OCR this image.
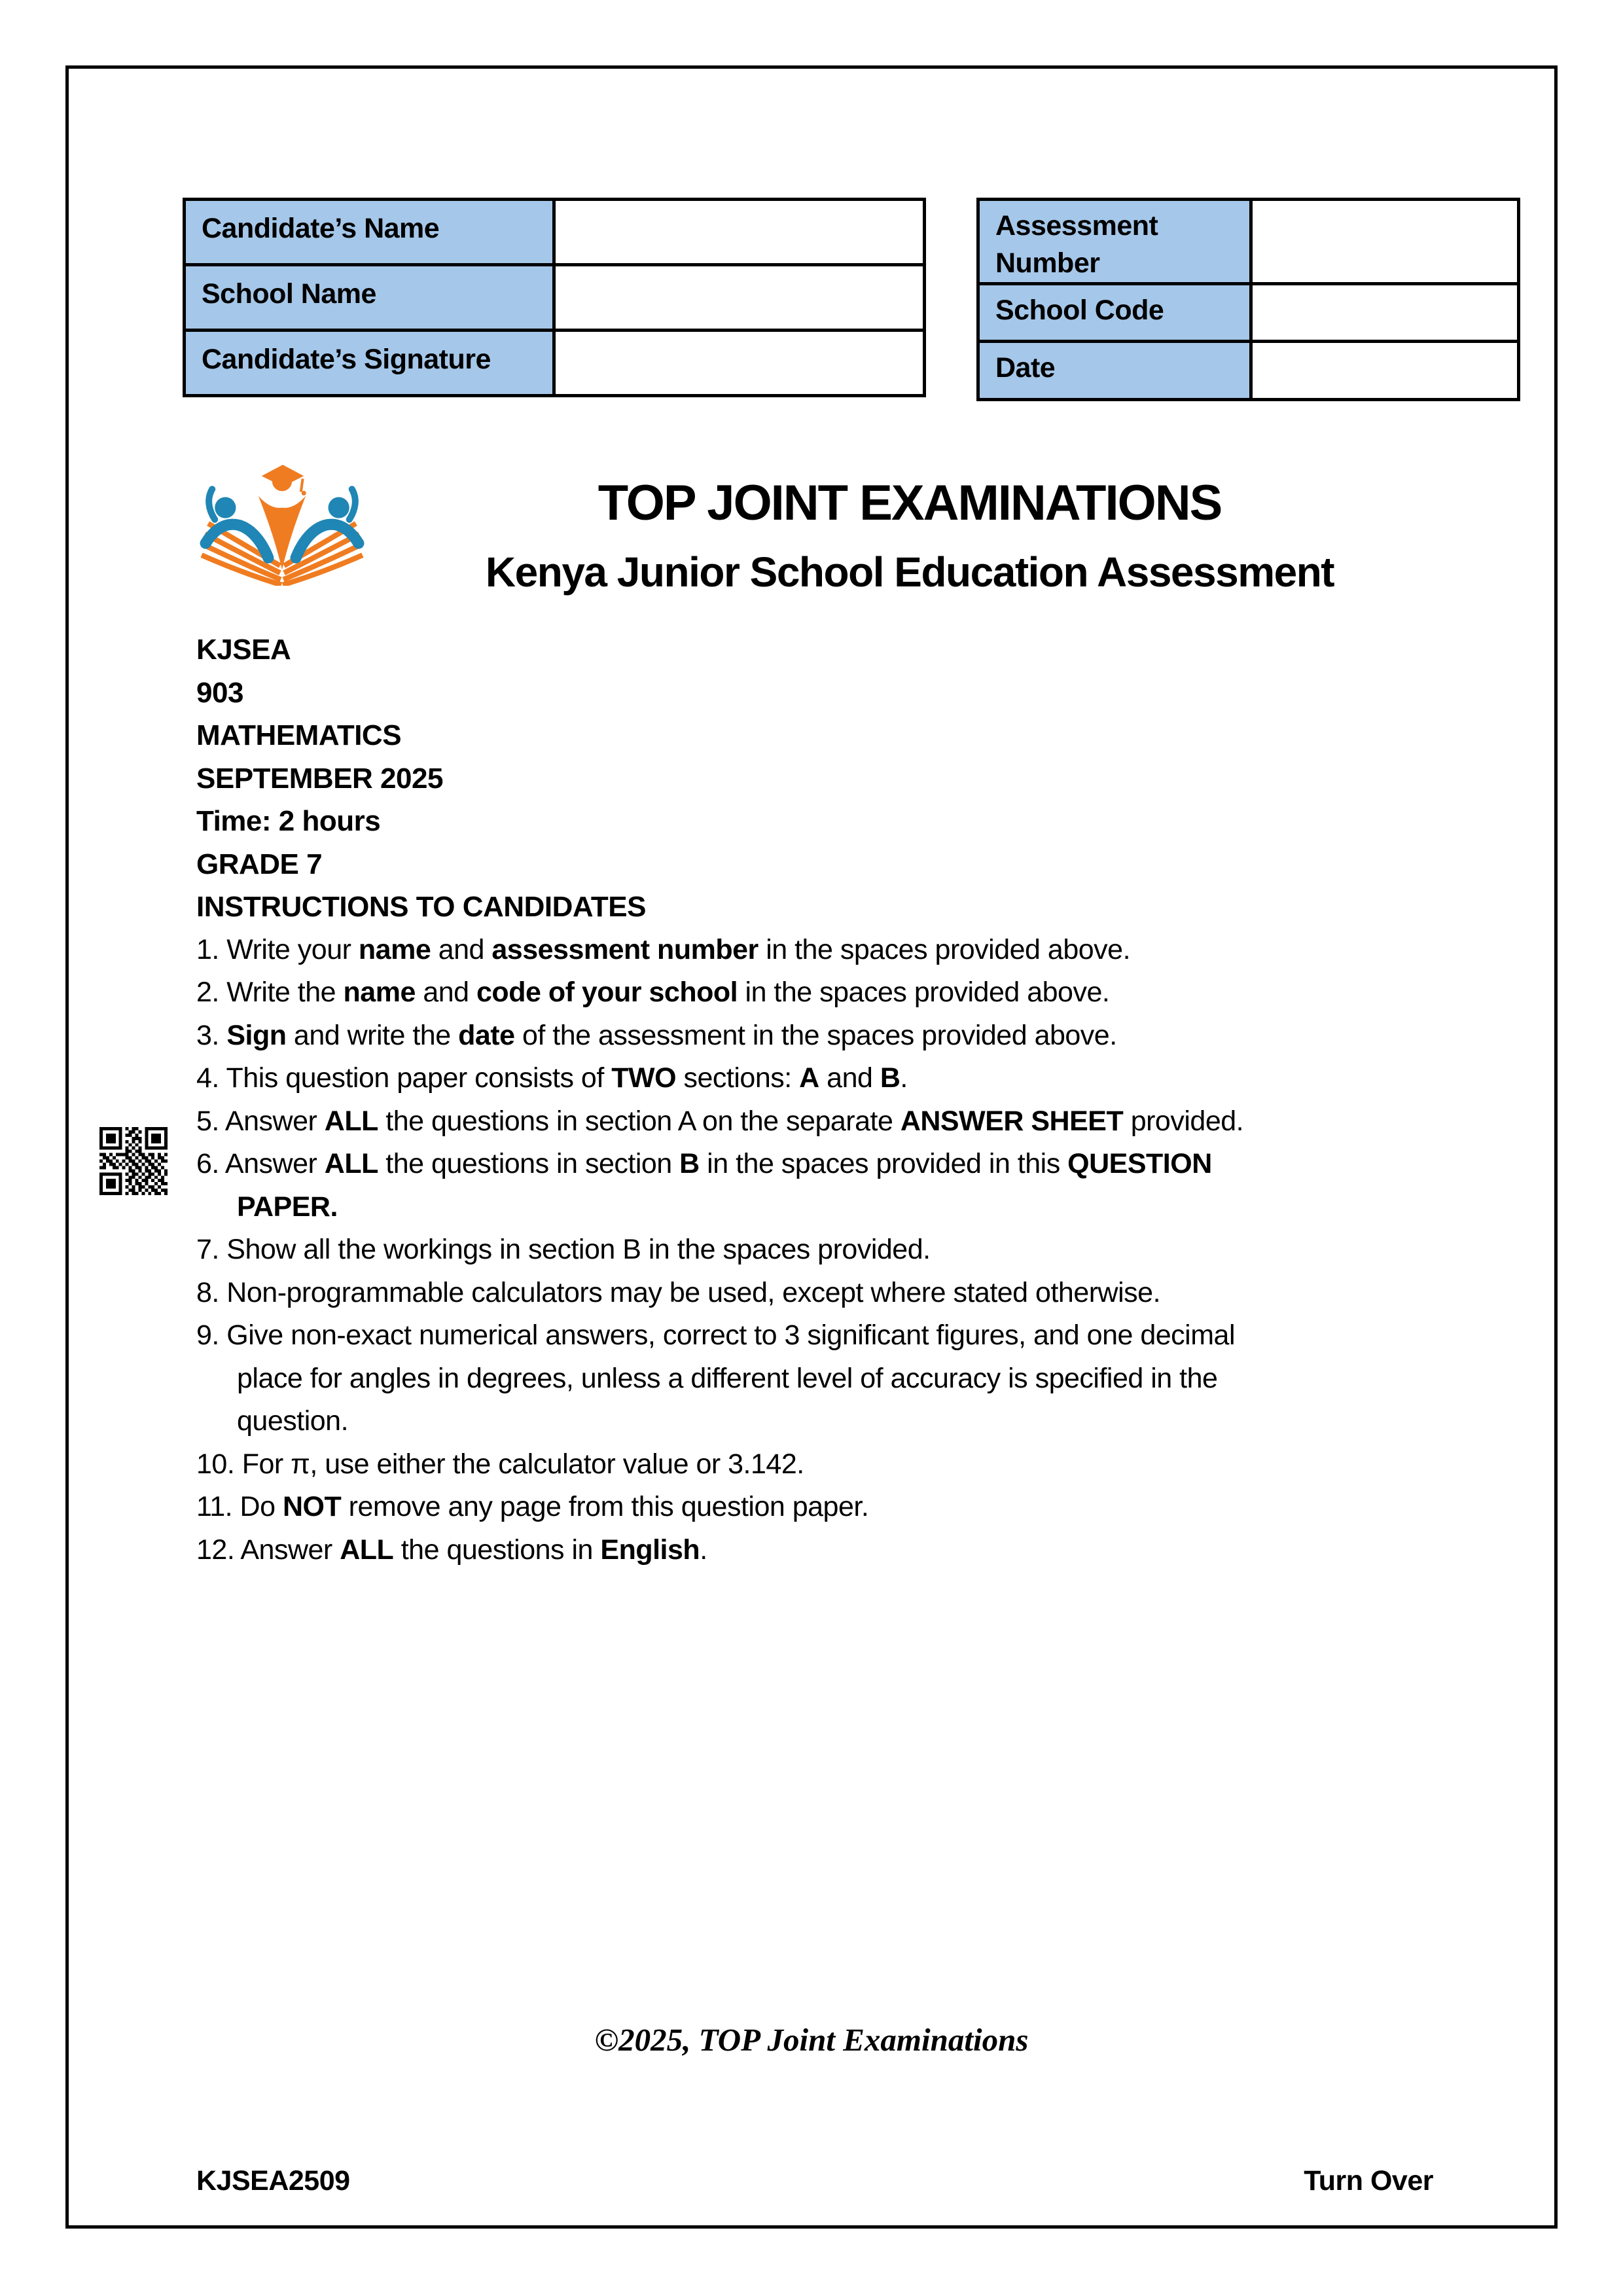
Candidate’s Name	
School Name	
Candidate’s Signature	
Assessment Number	
School Code	
Date	
TOP JOINT EXAMINATIONS
Kenya Junior School Education Assessment
KJSEA
903
MATHEMATICS
SEPTEMBER 2025
Time: 2 hours
GRADE 7
INSTRUCTIONS TO CANDIDATES
1. Write your name and assessment number in the spaces provided above.
2. Write the name and code of your school in the spaces provided above.
3. Sign and write the date of the assessment in the spaces provided above.
4. This question paper consists of TWO sections: A and B.
5. Answer ALL the questions in section A on the separate ANSWER SHEET provided.
6. Answer ALL the questions in section B in the spaces provided in this QUESTION
PAPER.
7. Show all the workings in section B in the spaces provided.
8. Non-programmable calculators may be used, except where stated otherwise.
9. Give non-exact numerical answers, correct to 3 significant figures, and one decimal
place for angles in degrees, unless a different level of accuracy is specified in the
question.
10. For π, use either the calculator value or 3.142.
11. Do NOT remove any page from this question paper.
12. Answer ALL the questions in English.
©2025, TOP Joint Examinations
KJSEA2509	Turn Over
